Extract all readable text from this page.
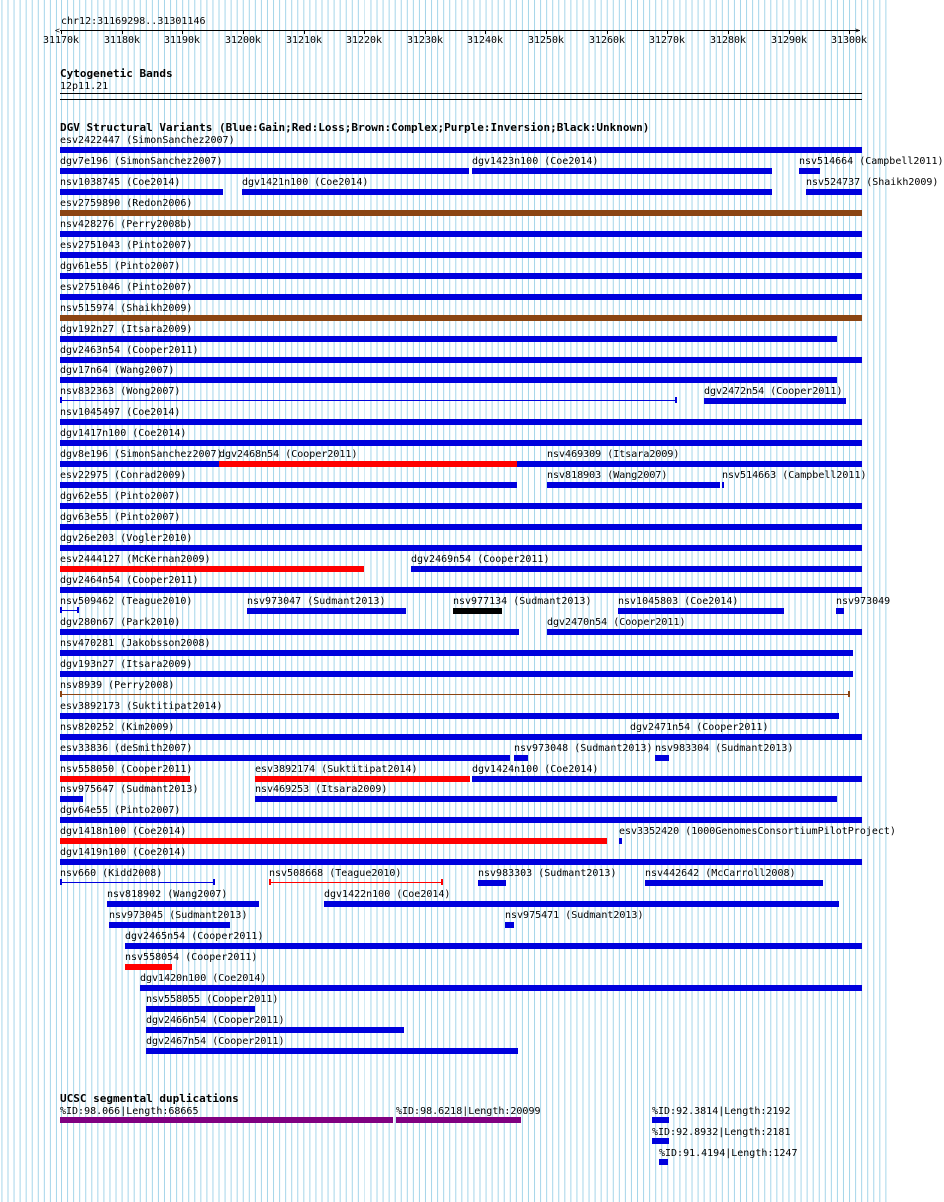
chr12:31169298..31301146
<	>
31170k 31180k 31190k 31200k 31210k 31220k 31230k 31240k 31250k 31260k 31270k 31280k 31290k 31300k
Cytogenetic Bands
12p11.21
DGV Structural Variants (Blue:Gain;Red:Loss;Brown:Complex;Purple:Inversion;Black:Unknown)
esv2422447 (SimonSanchez2007)
dgv7e196 (SimonSanchez2007)	dgv1423n100 (Coe2014)	nsv514664 (Campbell2011)
nsv1038745 (Coe2014)	dgv1421n100 (Coe2014)	nsv524737 (Shaikh2009)
esv2759890 (Redon2006)
nsv428276 (Perry2008b)
esv2751043 (Pinto2007)
dgv61e55 (Pinto2007)
esv2751046 (Pinto2007)
nsv515974 (Shaikh2009)
dgv192n27 (Itsara2009)
dgv2463n54 (Cooper2011)
dgv17n64 (Wang2007)
nsv832363 (Wong2007)	dgv2472n54 (Cooper2011)
nsv1045497 (Coe2014)
dgv1417n100 (Coe2014)
dgv8e196 (SimonSanchez2007)
dgv2468n54 (Cooper2011)	nsv469309 (Itsara2009)
esv22975 (Conrad2009)	nsv818903 (Wang2007)	nsv514663 (Campbell2011)
dgv62e55 (Pinto2007)
dgv63e55 (Pinto2007)
dgv26e203 (Vogler2010)
esv2444127 (McKernan2009)	dgv2469n54 (Cooper2011)
dgv2464n54 (Cooper2011)
nsv509462 (Teague2010)	nsv973047 (Sudmant2013)	nsv977134 (Sudmant2013)	nsv1045803 (Coe2014)	nsv973049
dgv280n67 (Park2010)	dgv2470n54 (Cooper2011)
nsv470281 (Jakobsson2008)
dgv193n27 (Itsara2009)
nsv8939 (Perry2008)
esv3892173 (Suktitipat2014)
nsv820252 (Kim2009)	dgv2471n54 (Cooper2011)
esv33836 (deSmith2007)	nsv973048 (Sudmant2013) nsv983304 (Sudmant2013)
nsv558050 (Cooper2011)	esv3892174 (Suktitipat2014)	dgv1424n100 (Coe2014)
nsv975647 (Sudmant2013)	nsv469253 (Itsara2009)
dgv64e55 (Pinto2007)
dgv1418n100 (Coe2014)	esv3352420 (1000GenomesConsortiumPilotProject)
dgv1419n100 (Coe2014)
nsv660 (Kidd2008)	nsv508668 (Teague2010)	nsv983303 (Sudmant2013)	nsv442642 (McCarroll2008)
nsv818902 (Wang2007)	dgv1422n100 (Coe2014)
nsv973045 (Sudmant2013)	nsv975471 (Sudmant2013)
dgv2465n54 (Cooper2011)
nsv558054 (Cooper2011)
dgv1420n100 (Coe2014)
nsv558055 (Cooper2011)
dgv2466n54 (Cooper2011)
dgv2467n54 (Cooper2011)
UCSC segmental duplications
%ID:98.066|Length:68665	%ID:98.6218|Length:20099	%ID:92.3814|Length:2192
%ID:92.8932|Length:2181
%ID:91.4194|Length:1247
